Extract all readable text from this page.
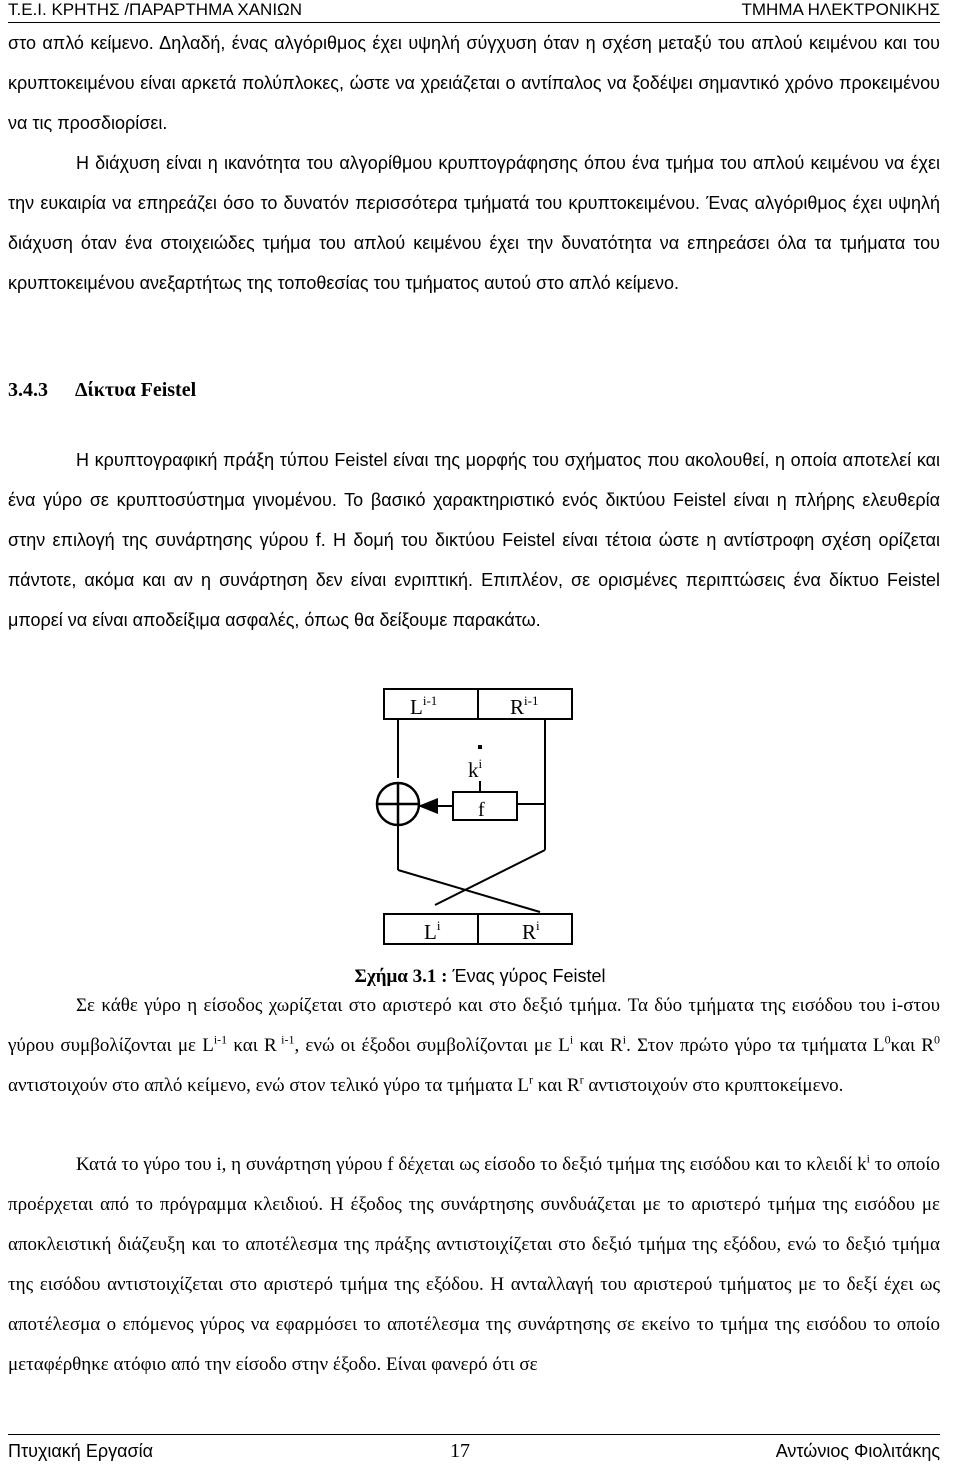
Τ.Ε.Ι. ΚΡΗΤΗΣ /ΠΑΡΑΡΤΗΜΑ ΧΑΝΙΩΝ	ΤΜΗΜΑ ΗΛΕΚΤΡΟΝΙΚΗΣ

στο απλό κείμενο. Δηλαδή, ένας αλγόριθμος έχει υψηλή σύγχυση όταν η σχέση μεταξύ του απλού κειμένου και του κρυπτοκειμένου είναι αρκετά πολύπλοκες, ώστε να χρειάζεται ο αντίπαλος να ξοδέψει σημαντικό χρόνο προκειμένου να τις προσδιορίσει.

Η διάχυση είναι η ικανότητα του αλγορίθμου κρυπτογράφησης όπου ένα τμήμα του απλού κειμένου να έχει την ευκαιρία να επηρεάζει όσο το δυνατόν περισσότερα τμήματά του κρυπτοκειμένου. Ένας αλγόριθμος έχει υψηλή διάχυση όταν ένα στοιχειώδες τμήμα του απλού κειμένου έχει την δυνατότητα να επηρεάσει όλα τα τμήματα του κρυπτοκειμένου ανεξαρτήτως της τοποθεσίας του τμήματος αυτού στο απλό κείμενο.

3.4.3 Δίκτυα Feistel

Η κρυπτογραφική πράξη τύπου Feistel είναι της μορφής του σχήματος που ακολουθεί, η οποία αποτελεί και ένα γύρο σε κρυπτοσύστημα γινομένου. Το βασικό χαρακτηριστικό ενός δικτύου Feistel είναι η πλήρης ελευθερία στην επιλογή της συνάρτησης γύρου f. Η δομή του δικτύου Feistel είναι τέτοια ώστε η αντίστροφη σχέση ορίζεται πάντοτε, ακόμα και αν η συνάρτηση δεν είναι ενριπτική. Επιπλέον, σε ορισμένες περιπτώσεις ένα δίκτυο Feistel μπορεί να είναι αποδείξιμα ασφαλές, όπως θα δείξουμε παρακάτω.

$L^{i-1}$	$R^{i-1}$
$k^i$
f
$L^i$	$R^i$
Σχήμα 3.1 : Ένας γύρος Feistel

Σε κάθε γύρο η είσοδος χωρίζεται στο αριστερό και στο δεξιό τμήμα. Τα δύο τμήματα της εισόδου του i-στου γύρου συμβολίζονται με $L^{i-1}$ και R $^{i-1}$, ενώ οι έξοδοι συμβολίζονται με $L^i$ και $R^i$. Στον πρώτο γύρο τα τμήματα $L^0\kappa\alpha\iota$ $R^0$ αντιστοιχούν στο απλό κείμενο, ενώ στον τελικό γύρο τα τμήματα $L^r$ και $R^r$ αντιστοιχούν στο κρυπτοκείμενο.

Κατά το γύρο του i, η συνάρτηση γύρου f δέχεται ως είσοδο το δεξιό τμήμα της εισόδου και το κλειδί $k^i$ το οποίο προέρχεται από το πρόγραμμα κλειδιού. Η έξοδος της συνάρτησης συνδυάζεται με το αριστερό τμήμα της εισόδου με αποκλειστική διάζευξη και το αποτέλεσμα της πράξης αντιστοιχίζεται στο δεξιό τμήμα της εξόδου, ενώ το δεξιό τμήμα της εισόδου αντιστοιχίζεται στο αριστερό τμήμα της εξόδου. Η ανταλλαγή του αριστερού τμήματος με το δεξί έχει ως αποτέλεσμα ο επόμενος γύρος να εφαρμόσει το αποτέλεσμα της συνάρτησης σε εκείνο το τμήμα της εισόδου το οποίο μεταφέρθηκε ατόφιο από την είσοδο στην έξοδο. Είναι φανερό ότι σε

Πτυχιακή Εργασία	17	Αντώνιος Φιολιτάκης
